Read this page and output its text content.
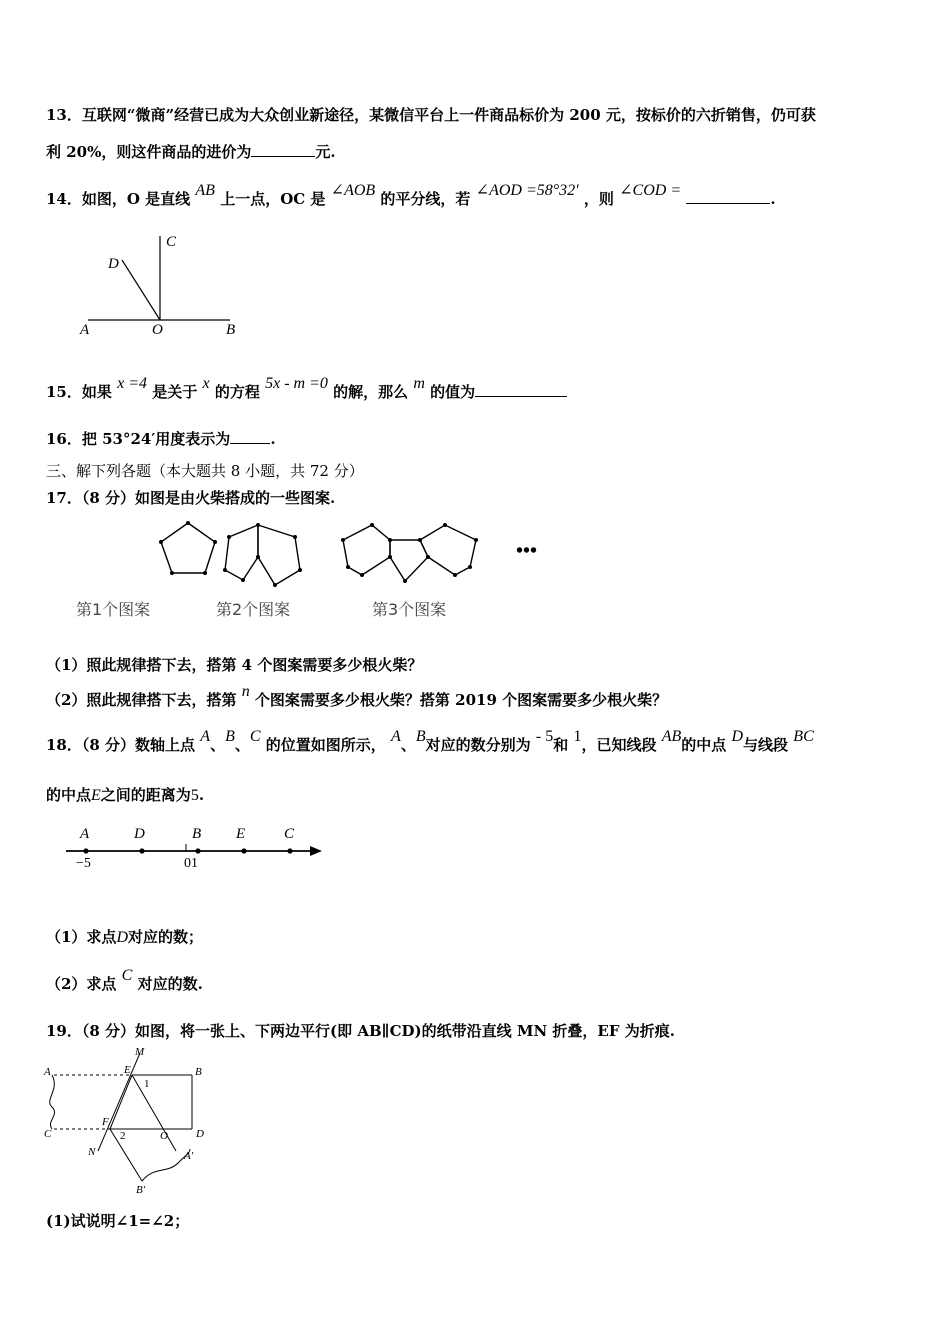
13．互联网“微商”经营已成为大众创业新途径，某微信平台上一件商品标价为 200 元，按标价的六折销售，仍可获
利 20%，则这件商品的进价为	元.
14．如图，O 是直线 AB 上一点，OC 是 ∠AOB 的平分线，若 ∠AOD =58°32′ ，则 ∠COD =	.
C
D
A	O	B
15．如果 x =4 是关于 x 的方程 5x - m =0 的解，那么 m 的值为
16．把 53°24′用度表示为	.
三、解下列各题（本大题共 8 小题，共 72 分）
17．（8 分）如图是由火柴搭成的一些图案.
•••
第1个图案	第2个图案	第3个图案
（1）照此规律搭下去，搭第 4 个图案需要多少根火柴？
（2）照此规律搭下去，搭第 n 个图案需要多少根火柴？搭第 2019 个图案需要多少根火柴？
18．（8 分）数轴上点 A、B、C 的位置如图所示， A、B对应的数分别为 - 5和 1，已知线段 AB的中点 D与线段 BC
的中点E之间的距离为5.
A	D	B E	C
−5	01
（1）求点D对应的数；
（2）求点 C 对应的数.
19．（8 分）如图，将一张上、下两边平行(即 AB∥CD)的纸带沿直线 MN 折叠，EF 为折痕.
M
A	E
1
B
F
C	2	O	D
N	A′
B′
(1)试说明∠1=∠2；
